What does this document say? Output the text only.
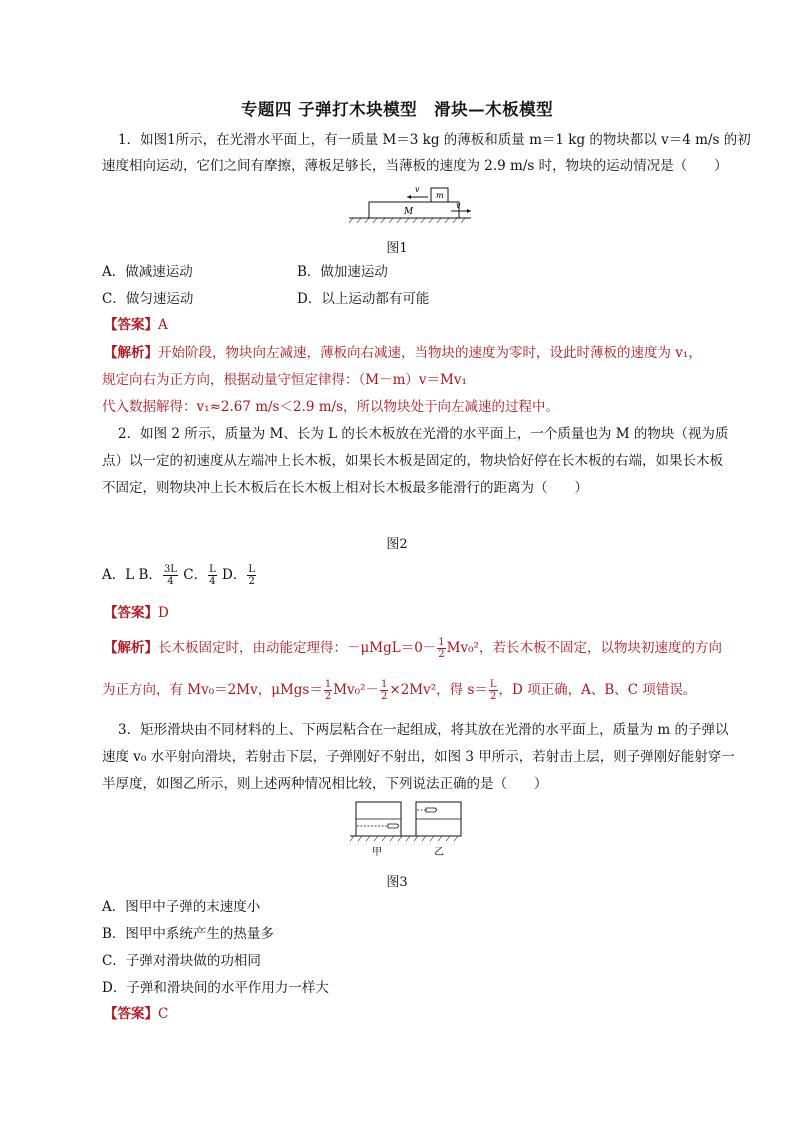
专题四 子弹打木块模型　滑块—木板模型
1．如图1所示，在光滑水平面上，有一质量 M＝3 kg 的薄板和质量 m＝1 kg 的物块都以 v＝4 m/s 的初
速度相向运动，它们之间有摩擦，薄板足够长，当薄板的速度为 2.9 m/s 时，物块的运动情况是（　　）
v
m
M
v
图1
A．做减速运动	B．做加速运动
C．做匀速运动	D．以上运动都有可能
【答案】A
【解析】开始阶段，物块向左减速，薄板向右减速，当物块的速度为零时，设此时薄板的速度为 v₁，
规定向右为正方向，根据动量守恒定律得：（M－m）v＝Mv₁
代入数据解得：v₁≈2.67 m/s＜2.9 m/s，所以物块处于向左减速的过程中。
2．如图 2 所示，质量为 M、长为 L 的长木板放在光滑的水平面上，一个质量也为 M 的物块（视为质
点）以一定的初速度从左端冲上长木板，如果长木板是固定的，物块恰好停在长木板的右端，如果长木板
不固定，则物块冲上长木板后在长木板上相对长木板最多能滑行的距离为（　　）
图2
A．L B． $\frac{3L}{4}$ C． $\frac{L}{4}$ D． $\frac{L}{2}$
【答案】D
【解析】长木板固定时，由动能定理得：$-\mu MgL=0- \frac{1}{2} Mv_0^2$，若长木板不固定，以物块初速度的方向
为正方向，有 Mv₀＝2Mv，$\mu Mgs= \frac{1}{2} Mv_0^2- \frac{1}{2} \times 2Mv^2$，得 $s= \frac{L}{2}$ ，D 项正确，A、B、C 项错误。
3．矩形滑块由不同材料的上、下两层粘合在一起组成，将其放在光滑的水平面上，质量为 m 的子弹以
速度 v₀ 水平射向滑块，若射击下层，子弹刚好不射出，如图 3 甲所示，若射击上层，则子弹刚好能射穿一
半厚度，如图乙所示，则上述两种情况相比较，下列说法正确的是（　　）
甲	乙
图3
A．图甲中子弹的末速度小
B．图甲中系统产生的热量多
C．子弹对滑块做的功相同
D．子弹和滑块间的水平作用力一样大
【答案】C
